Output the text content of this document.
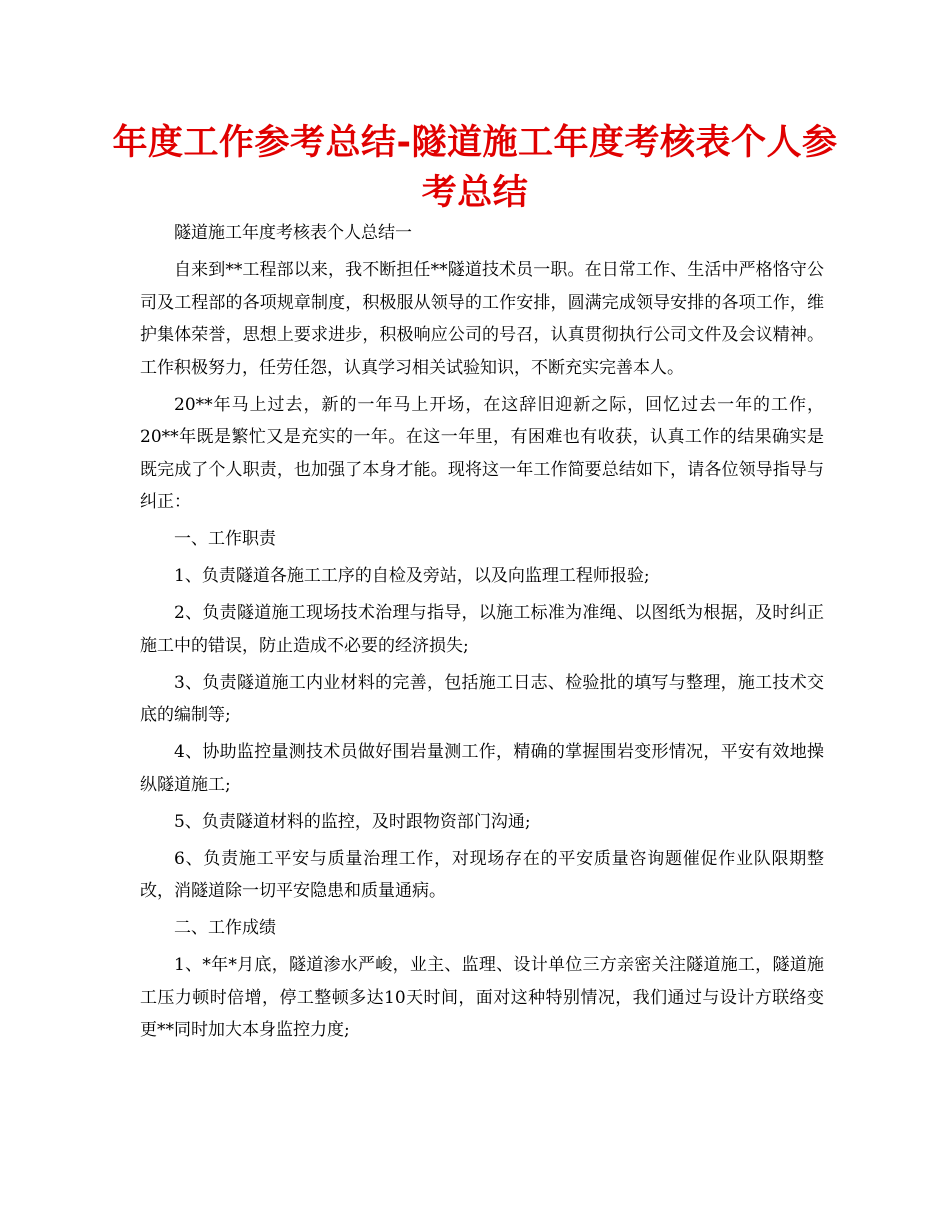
年度工作参考总结-隧道施工年度考核表个人参考总结

隧道施工年度考核表个人总结一

自来到**工程部以来，我不断担任**隧道技术员一职。在日常工作、生活中严格恪守公司及工程部的各项规章制度，积极服从领导的工作安排，圆满完成领导安排的各项工作，维护集体荣誉，思想上要求进步，积极响应公司的号召，认真贯彻执行公司文件及会议精神。工作积极努力，任劳任怨，认真学习相关试验知识，不断充实完善本人。

20**年马上过去，新的一年马上开场，在这辞旧迎新之际，回忆过去一年的工作，20**年既是繁忙又是充实的一年。在这一年里，有困难也有收获，认真工作的结果确实是既完成了个人职责，也加强了本身才能。现将这一年工作简要总结如下，请各位领导指导与纠正：

一、工作职责

1、负责隧道各施工工序的自检及旁站，以及向监理工程师报验;

2、负责隧道施工现场技术治理与指导，以施工标准为准绳、以图纸为根据，及时纠正施工中的错误，防止造成不必要的经济损失;

3、负责隧道施工内业材料的完善，包括施工日志、检验批的填写与整理，施工技术交底的编制等;

4、协助监控量测技术员做好围岩量测工作，精确的掌握围岩变形情况，平安有效地操纵隧道施工;

5、负责隧道材料的监控，及时跟物资部门沟通;

6、负责施工平安与质量治理工作，对现场存在的平安质量咨询题催促作业队限期整改，消隧道除一切平安隐患和质量通病。

二、工作成绩

1、*年*月底，隧道渗水严峻，业主、监理、设计单位三方亲密关注隧道施工，隧道施工压力顿时倍增，停工整顿多达10天时间，面对这种特别情况，我们通过与设计方联络变更**同时加大本身监控力度;
